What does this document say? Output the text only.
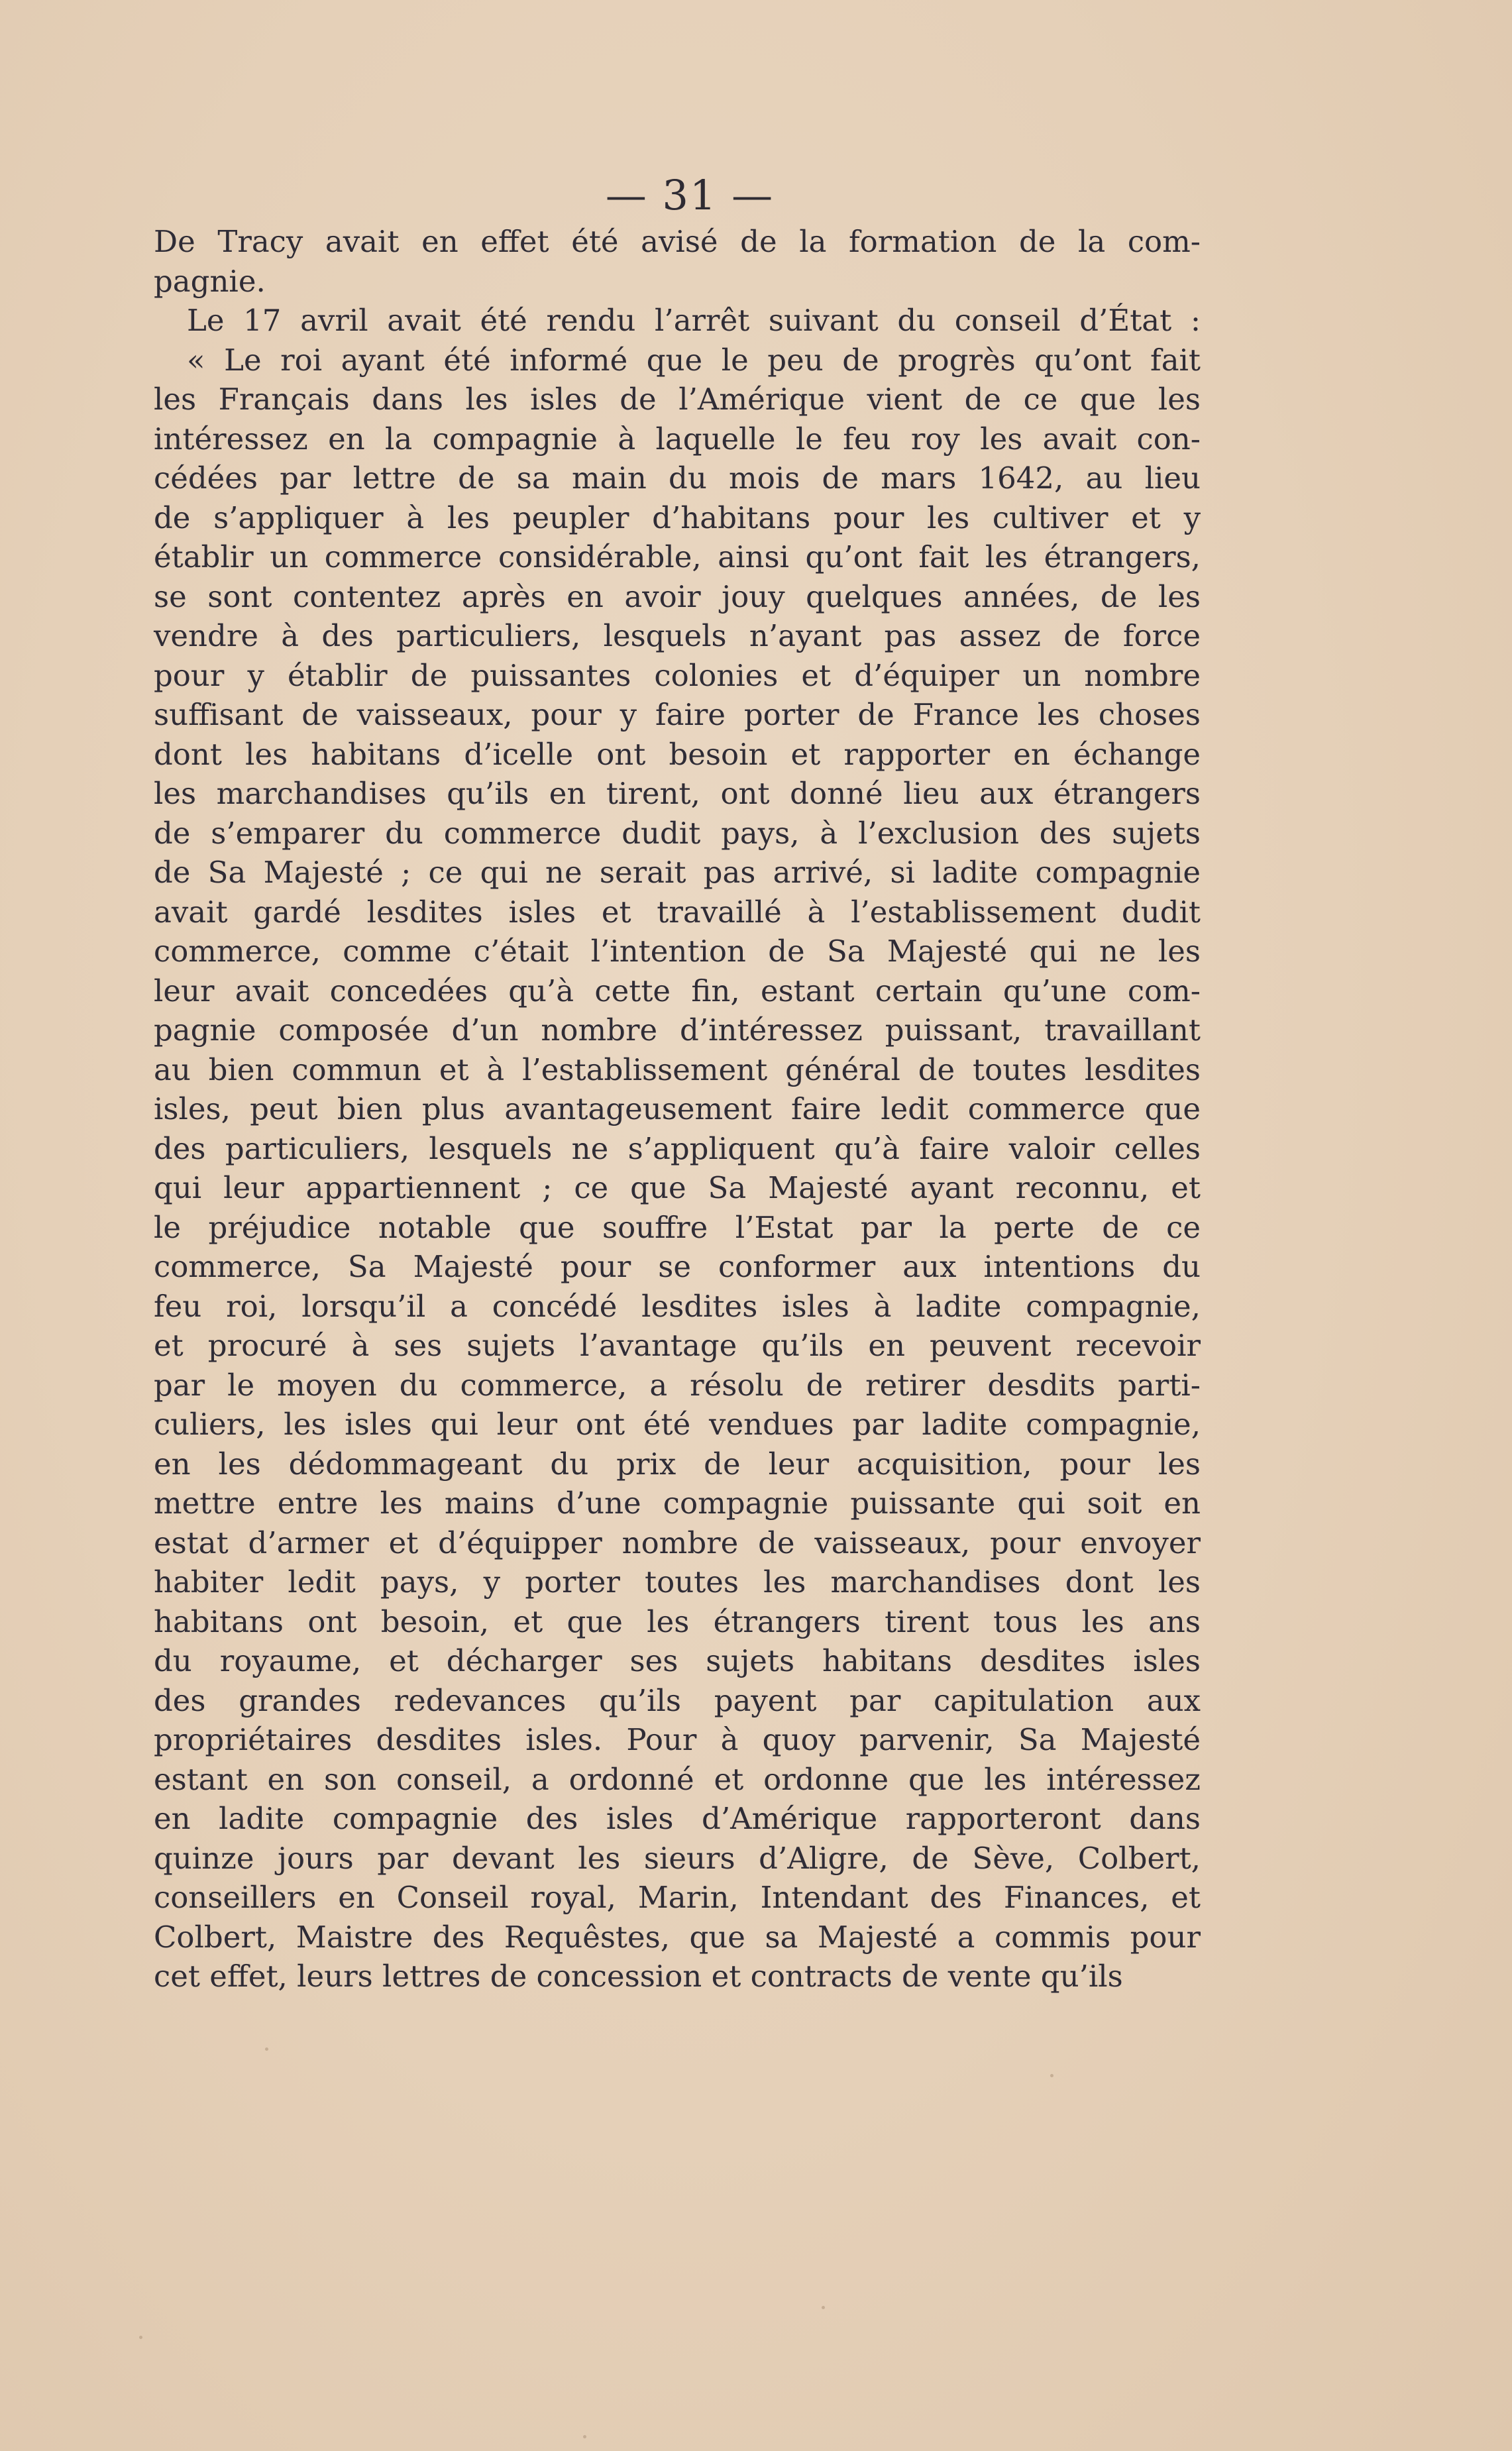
— 31 —
De Tracy avait en effet été avisé de la formation de la com-
pagnie.
Le 17 avril avait été rendu l’arrêt suivant du conseil d’État :
« Le roi ayant été informé que le peu de progrès qu’ont fait
les Français dans les isles de l’Amérique vient de ce que les
intéressez en la compagnie à laquelle le feu roy les avait con-
cédées par lettre de sa main du mois de mars 1642, au lieu
de s’appliquer à les peupler d’habitans pour les cultiver et y
établir un commerce considérable, ainsi qu’ont fait les étrangers,
se sont contentez après en avoir jouy quelques années, de les
vendre à des particuliers, lesquels n’ayant pas assez de force
pour y établir de puissantes colonies et d’équiper un nombre
suffisant de vaisseaux, pour y faire porter de France les choses
dont les habitans d’icelle ont besoin et rapporter en échange
les marchandises qu’ils en tirent, ont donné lieu aux étrangers
de s’emparer du commerce dudit pays, à l’exclusion des sujets
de Sa Majesté ; ce qui ne serait pas arrivé, si ladite compagnie
avait gardé lesdites isles et travaillé à l’establissement dudit
commerce, comme c’était l’intention de Sa Majesté qui ne les
leur avait concedées qu’à cette fin, estant certain qu’une com-
pagnie composée d’un nombre d’intéressez puissant, travaillant
au bien commun et à l’establissement général de toutes lesdites
isles, peut bien plus avantageusement faire ledit commerce que
des particuliers, lesquels ne s’appliquent qu’à faire valoir celles
qui leur appartiennent ; ce que Sa Majesté ayant reconnu, et
le préjudice notable que souffre l’Estat par la perte de ce
commerce, Sa Majesté pour se conformer aux intentions du
feu roi, lorsqu’il a concédé lesdites isles à ladite compagnie,
et procuré à ses sujets l’avantage qu’ils en peuvent recevoir
par le moyen du commerce, a résolu de retirer desdits parti-
culiers, les isles qui leur ont été vendues par ladite compagnie,
en les dédommageant du prix de leur acquisition, pour les
mettre entre les mains d’une compagnie puissante qui soit en
estat d’armer et d’équipper nombre de vaisseaux, pour envoyer
habiter ledit pays, y porter toutes les marchandises dont les
habitans ont besoin, et que les étrangers tirent tous les ans
du royaume, et décharger ses sujets habitans desdites isles
des grandes redevances qu’ils payent par capitulation aux
propriétaires desdites isles. Pour à quoy parvenir, Sa Majesté
estant en son conseil, a ordonné et ordonne que les intéressez
en ladite compagnie des isles d’Amérique rapporteront dans
quinze jours par devant les sieurs d’Aligre, de Sève, Colbert,
conseillers en Conseil royal, Marin, Intendant des Finances, et
Colbert, Maistre des Requêstes, que sa Majesté a commis pour
cet effet, leurs lettres de concession et contracts de vente qu’ils
